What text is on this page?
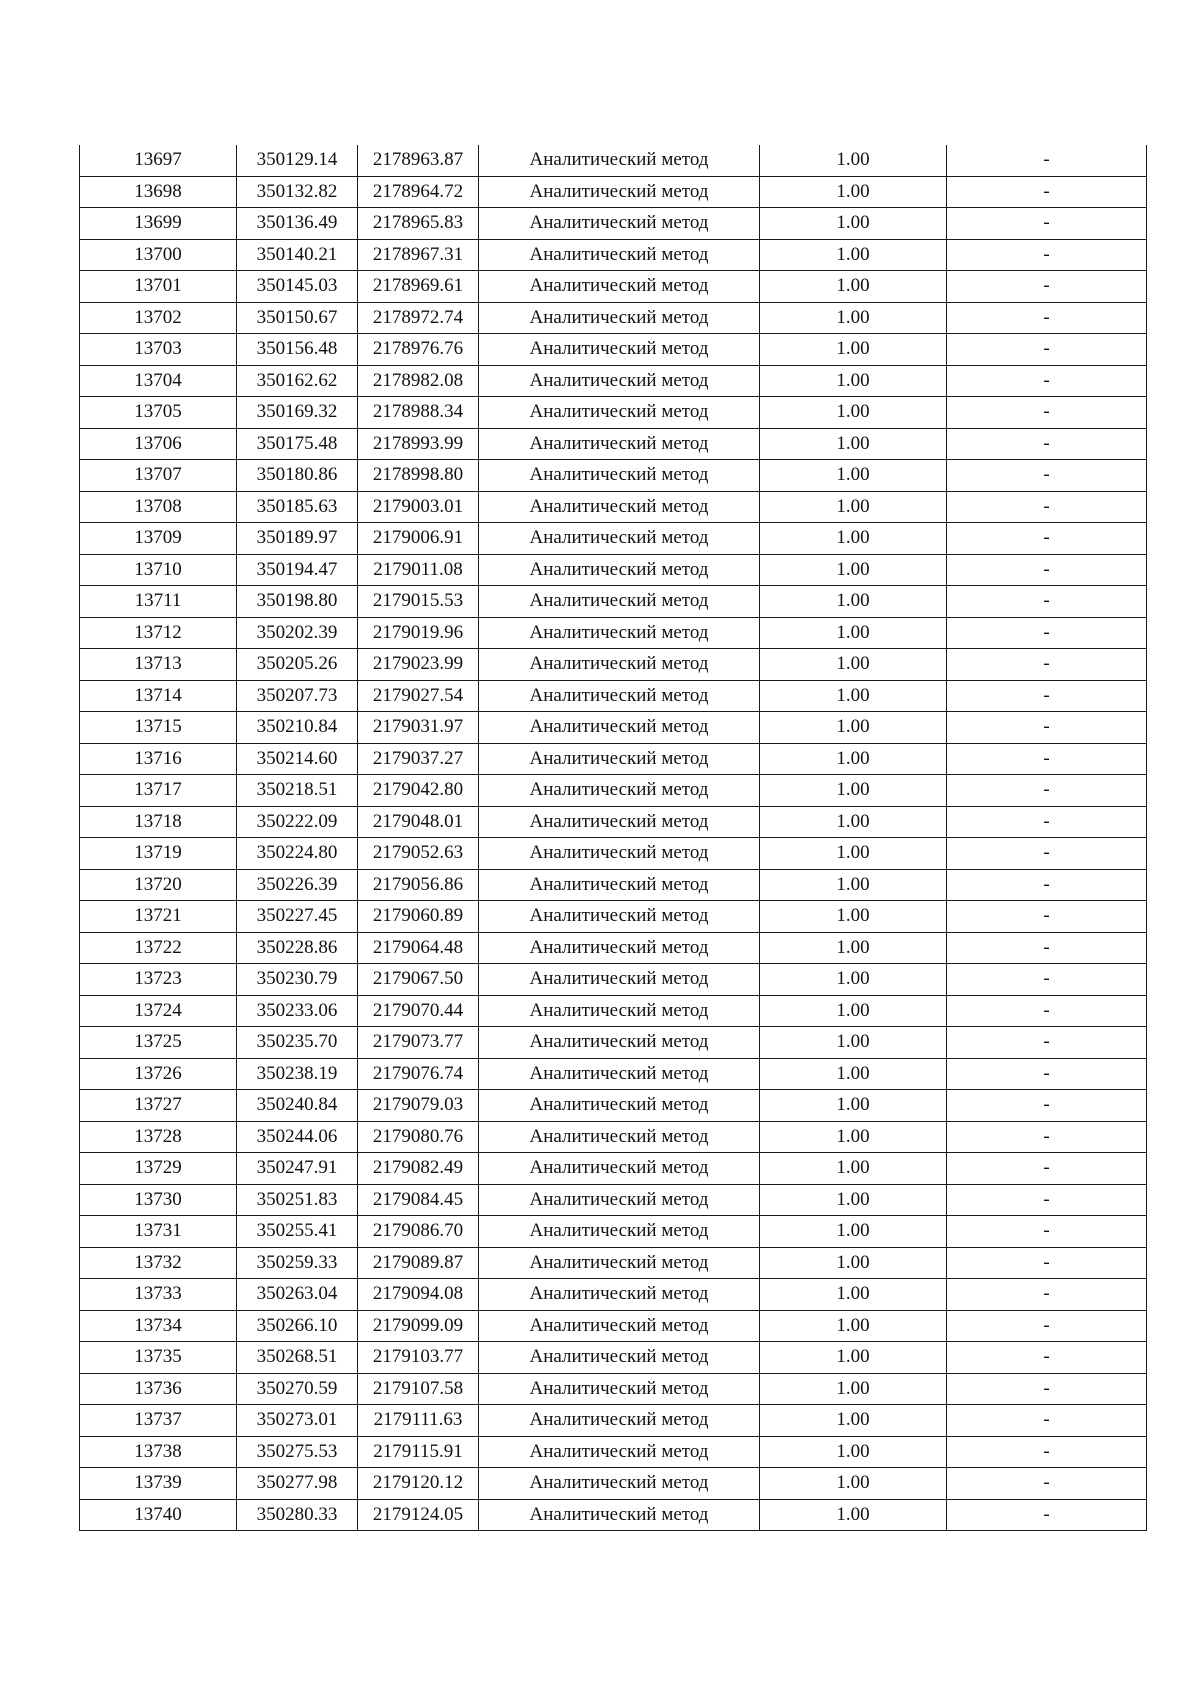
13697	350129.14	2178963.87	Аналитический метод	1.00	-
13698	350132.82	2178964.72	Аналитический метод	1.00	-
13699	350136.49	2178965.83	Аналитический метод	1.00	-
13700	350140.21	2178967.31	Аналитический метод	1.00	-
13701	350145.03	2178969.61	Аналитический метод	1.00	-
13702	350150.67	2178972.74	Аналитический метод	1.00	-
13703	350156.48	2178976.76	Аналитический метод	1.00	-
13704	350162.62	2178982.08	Аналитический метод	1.00	-
13705	350169.32	2178988.34	Аналитический метод	1.00	-
13706	350175.48	2178993.99	Аналитический метод	1.00	-
13707	350180.86	2178998.80	Аналитический метод	1.00	-
13708	350185.63	2179003.01	Аналитический метод	1.00	-
13709	350189.97	2179006.91	Аналитический метод	1.00	-
13710	350194.47	2179011.08	Аналитический метод	1.00	-
13711	350198.80	2179015.53	Аналитический метод	1.00	-
13712	350202.39	2179019.96	Аналитический метод	1.00	-
13713	350205.26	2179023.99	Аналитический метод	1.00	-
13714	350207.73	2179027.54	Аналитический метод	1.00	-
13715	350210.84	2179031.97	Аналитический метод	1.00	-
13716	350214.60	2179037.27	Аналитический метод	1.00	-
13717	350218.51	2179042.80	Аналитический метод	1.00	-
13718	350222.09	2179048.01	Аналитический метод	1.00	-
13719	350224.80	2179052.63	Аналитический метод	1.00	-
13720	350226.39	2179056.86	Аналитический метод	1.00	-
13721	350227.45	2179060.89	Аналитический метод	1.00	-
13722	350228.86	2179064.48	Аналитический метод	1.00	-
13723	350230.79	2179067.50	Аналитический метод	1.00	-
13724	350233.06	2179070.44	Аналитический метод	1.00	-
13725	350235.70	2179073.77	Аналитический метод	1.00	-
13726	350238.19	2179076.74	Аналитический метод	1.00	-
13727	350240.84	2179079.03	Аналитический метод	1.00	-
13728	350244.06	2179080.76	Аналитический метод	1.00	-
13729	350247.91	2179082.49	Аналитический метод	1.00	-
13730	350251.83	2179084.45	Аналитический метод	1.00	-
13731	350255.41	2179086.70	Аналитический метод	1.00	-
13732	350259.33	2179089.87	Аналитический метод	1.00	-
13733	350263.04	2179094.08	Аналитический метод	1.00	-
13734	350266.10	2179099.09	Аналитический метод	1.00	-
13735	350268.51	2179103.77	Аналитический метод	1.00	-
13736	350270.59	2179107.58	Аналитический метод	1.00	-
13737	350273.01	2179111.63	Аналитический метод	1.00	-
13738	350275.53	2179115.91	Аналитический метод	1.00	-
13739	350277.98	2179120.12	Аналитический метод	1.00	-
13740	350280.33	2179124.05	Аналитический метод	1.00	-
